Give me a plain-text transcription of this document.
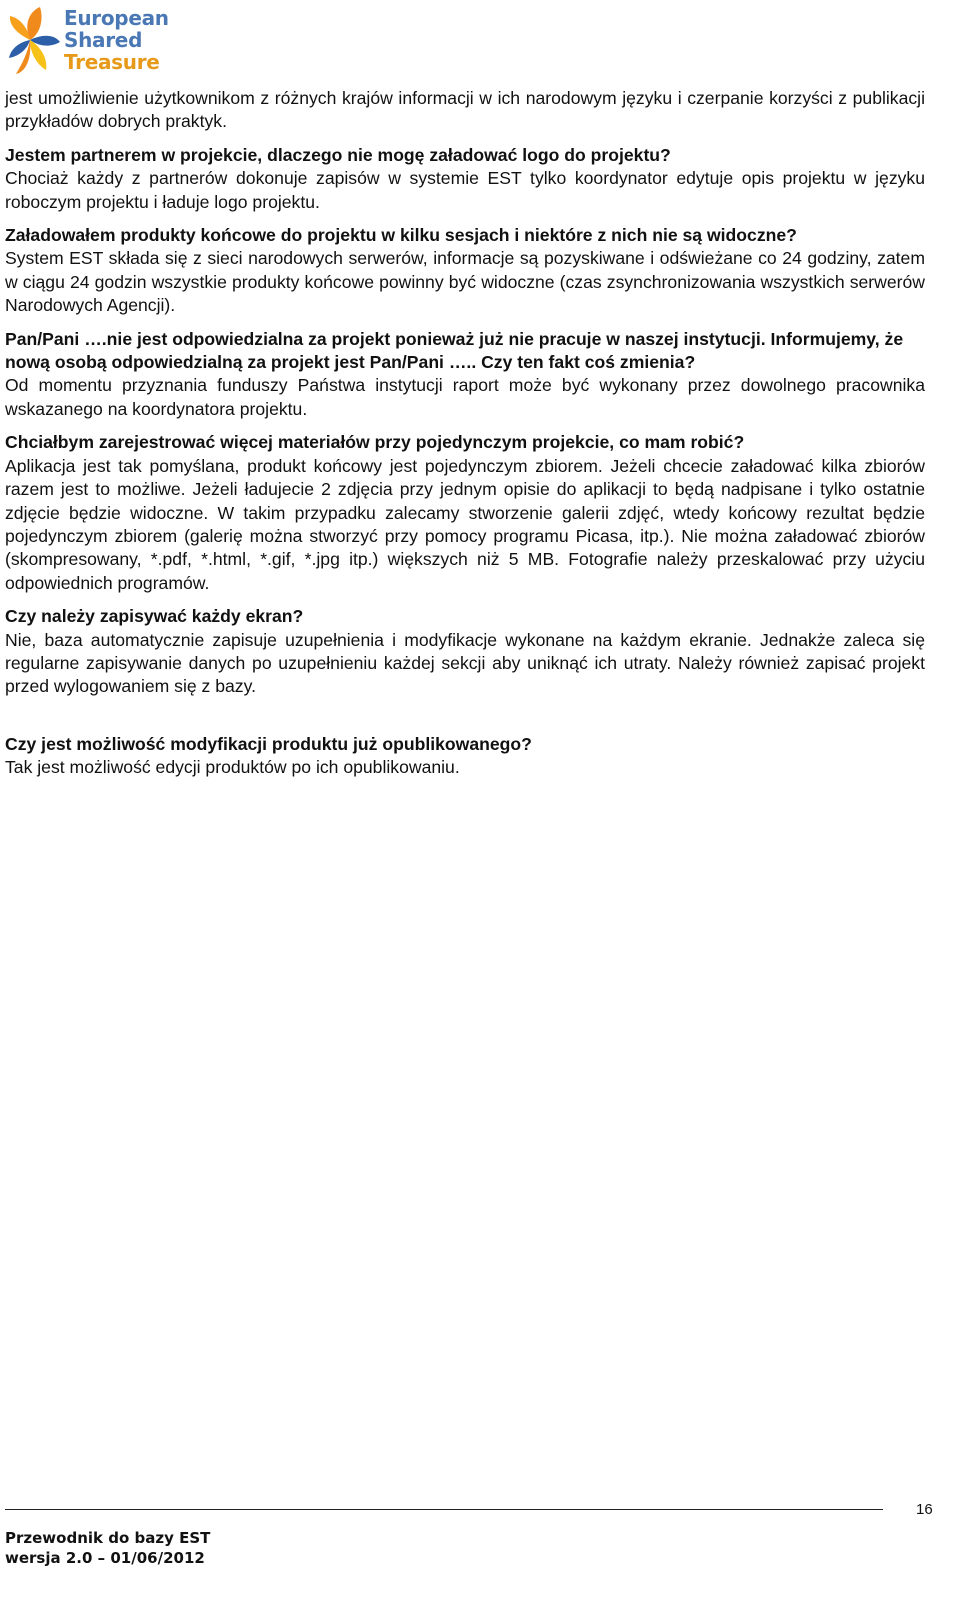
European
Shared
Treasure

jest umożliwienie użytkownikom z różnych krajów informacji w ich narodowym języku i czerpanie korzyści z publikacji przykładów dobrych praktyk.

Jestem partnerem w projekcie, dlaczego nie mogę załadować logo do projektu?

Chociaż każdy z partnerów dokonuje zapisów w systemie EST tylko koordynator edytuje opis projektu w języku roboczym projektu i ładuje logo projektu.

Załadowałem produkty końcowe do projektu w kilku sesjach i niektóre z nich nie są widoczne?

System EST składa się z sieci narodowych serwerów, informacje są pozyskiwane i odświeżane co 24 godziny, zatem w ciągu 24 godzin wszystkie produkty końcowe powinny być widoczne (czas zsynchronizowania wszystkich serwerów Narodowych Agencji).

Pan/Pani ….nie jest odpowiedzialna za projekt ponieważ już nie pracuje w naszej instytucji. Informujemy, że nową osobą odpowiedzialną za projekt jest Pan/Pani ….. Czy ten fakt coś zmienia?

Od momentu przyznania funduszy Państwa instytucji raport może być wykonany przez dowolnego pracownika wskazanego na koordynatora projektu.

Chciałbym zarejestrować więcej materiałów przy pojedynczym projekcie, co mam robić?

Aplikacja jest tak pomyślana, produkt końcowy jest pojedynczym zbiorem. Jeżeli chcecie załadować kilka zbiorów razem jest to możliwe. Jeżeli ładujecie 2 zdjęcia przy jednym opisie do aplikacji to będą nadpisane i tylko ostatnie zdjęcie będzie widoczne. W takim przypadku zalecamy stworzenie galerii zdjęć, wtedy końcowy rezultat będzie pojedynczym zbiorem (galerię można stworzyć przy pomocy programu Picasa, itp.). Nie można załadować zbiorów (skompresowany, *.pdf, *.html, *.gif, *.jpg itp.) większych niż 5 MB. Fotografie należy przeskalować przy użyciu odpowiednich programów.

Czy należy zapisywać każdy ekran?

Nie, baza automatycznie zapisuje uzupełnienia i modyfikacje wykonane na każdym ekranie. Jednakże zaleca się regularne zapisywanie danych po uzupełnieniu każdej sekcji aby uniknąć ich utraty. Należy również zapisać projekt przed wylogowaniem się z bazy.

Czy jest możliwość modyfikacji produktu już opublikowanego?

Tak jest możliwość edycji produktów po ich opublikowaniu.

16
Przewodnik do bazy EST
wersja 2.0 – 01/06/2012
